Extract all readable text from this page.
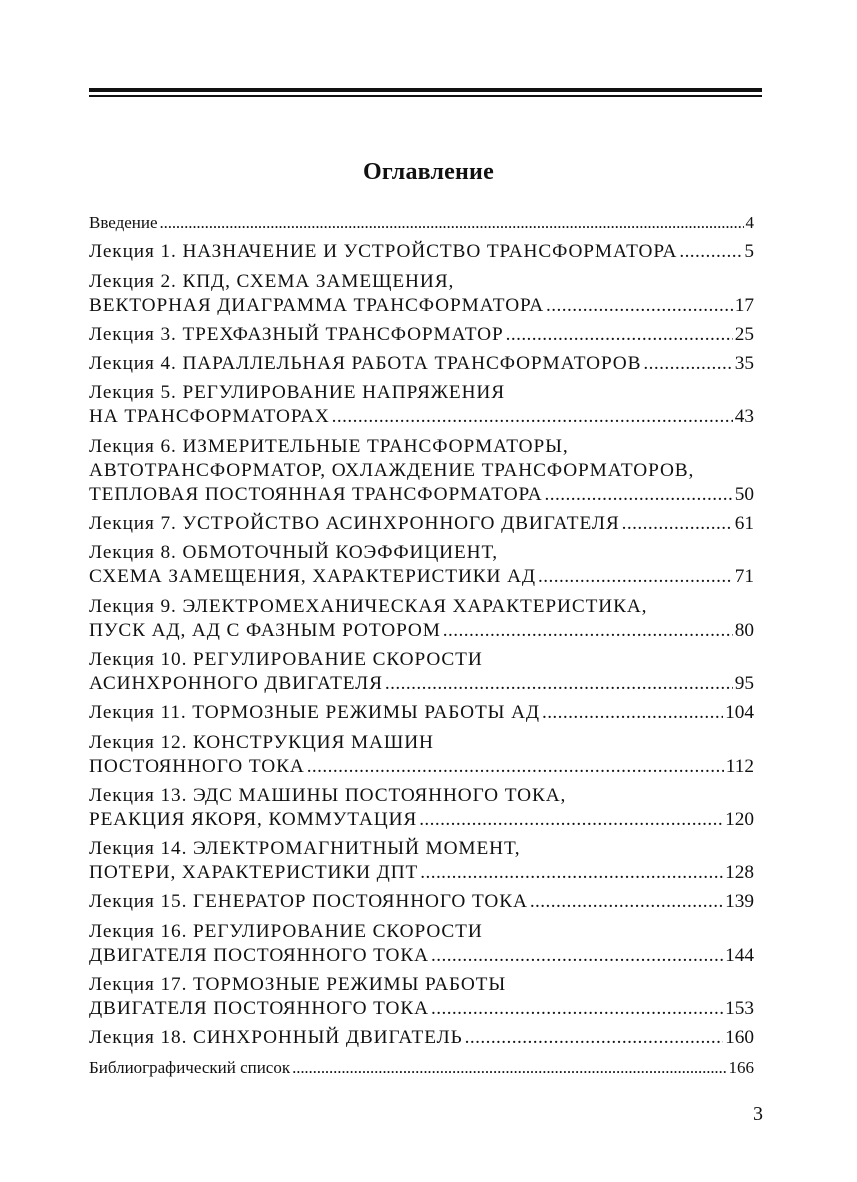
Оглавление
Введение . . .	4
Лекция 1. НАЗНАЧЕНИЕ И УСТРОЙСТВО ТРАНСФОРМАТОРА . . .	5
Лекция 2. КПД, СХЕМА ЗАМЕЩЕНИЯ,
ВЕКТОРНАЯ ДИАГРАММА ТРАНСФОРМАТОРА . . .	17
Лекция 3. ТРЕХФАЗНЫЙ ТРАНСФОРМАТОР . . .	25
Лекция 4. ПАРАЛЛЕЛЬНАЯ РАБОТА ТРАНСФОРМАТОРОВ . . .	35
Лекция 5. РЕГУЛИРОВАНИЕ НАПРЯЖЕНИЯ
НА ТРАНСФОРМАТОРАХ . . .	43
Лекция 6. ИЗМЕРИТЕЛЬНЫЕ ТРАНСФОРМАТОРЫ,
АВТОТРАНСФОРМАТОР, ОХЛАЖДЕНИЕ ТРАНСФОРМАТОРОВ,
ТЕПЛОВАЯ ПОСТОЯННАЯ ТРАНСФОРМАТОРА . . .	50
Лекция 7. УСТРОЙСТВО АСИНХРОННОГО ДВИГАТЕЛЯ . . .	61
Лекция 8. ОБМОТОЧНЫЙ КОЭФФИЦИЕНТ,
СХЕМА ЗАМЕЩЕНИЯ, ХАРАКТЕРИСТИКИ АД . . .	71
Лекция 9. ЭЛЕКТРОМЕХАНИЧЕСКАЯ ХАРАКТЕРИСТИКА,
ПУСК АД, АД С ФАЗНЫМ РОТОРОМ . . .	80
Лекция 10. РЕГУЛИРОВАНИЕ СКОРОСТИ
АСИНХРОННОГО ДВИГАТЕЛЯ . . .	95
Лекция 11. ТОРМОЗНЫЕ РЕЖИМЫ РАБОТЫ АД . . .	104
Лекция 12. КОНСТРУКЦИЯ МАШИН
ПОСТОЯННОГО ТОКА . . .	112
Лекция 13. ЭДС МАШИНЫ ПОСТОЯННОГО ТОКА,
РЕАКЦИЯ ЯКОРЯ, КОММУТАЦИЯ . . .	120
Лекция 14. ЭЛЕКТРОМАГНИТНЫЙ МОМЕНТ,
ПОТЕРИ, ХАРАКТЕРИСТИКИ ДПТ . . .	128
Лекция 15. ГЕНЕРАТОР ПОСТОЯННОГО ТОКА . . .	139
Лекция 16. РЕГУЛИРОВАНИЕ СКОРОСТИ
ДВИГАТЕЛЯ ПОСТОЯННОГО ТОКА . . .	144
Лекция 17. ТОРМОЗНЫЕ РЕЖИМЫ РАБОТЫ
ДВИГАТЕЛЯ ПОСТОЯННОГО ТОКА . . .	153
Лекция 18. СИНХРОННЫЙ ДВИГАТЕЛЬ . . .	160
Библиографический список . . .	166
3
